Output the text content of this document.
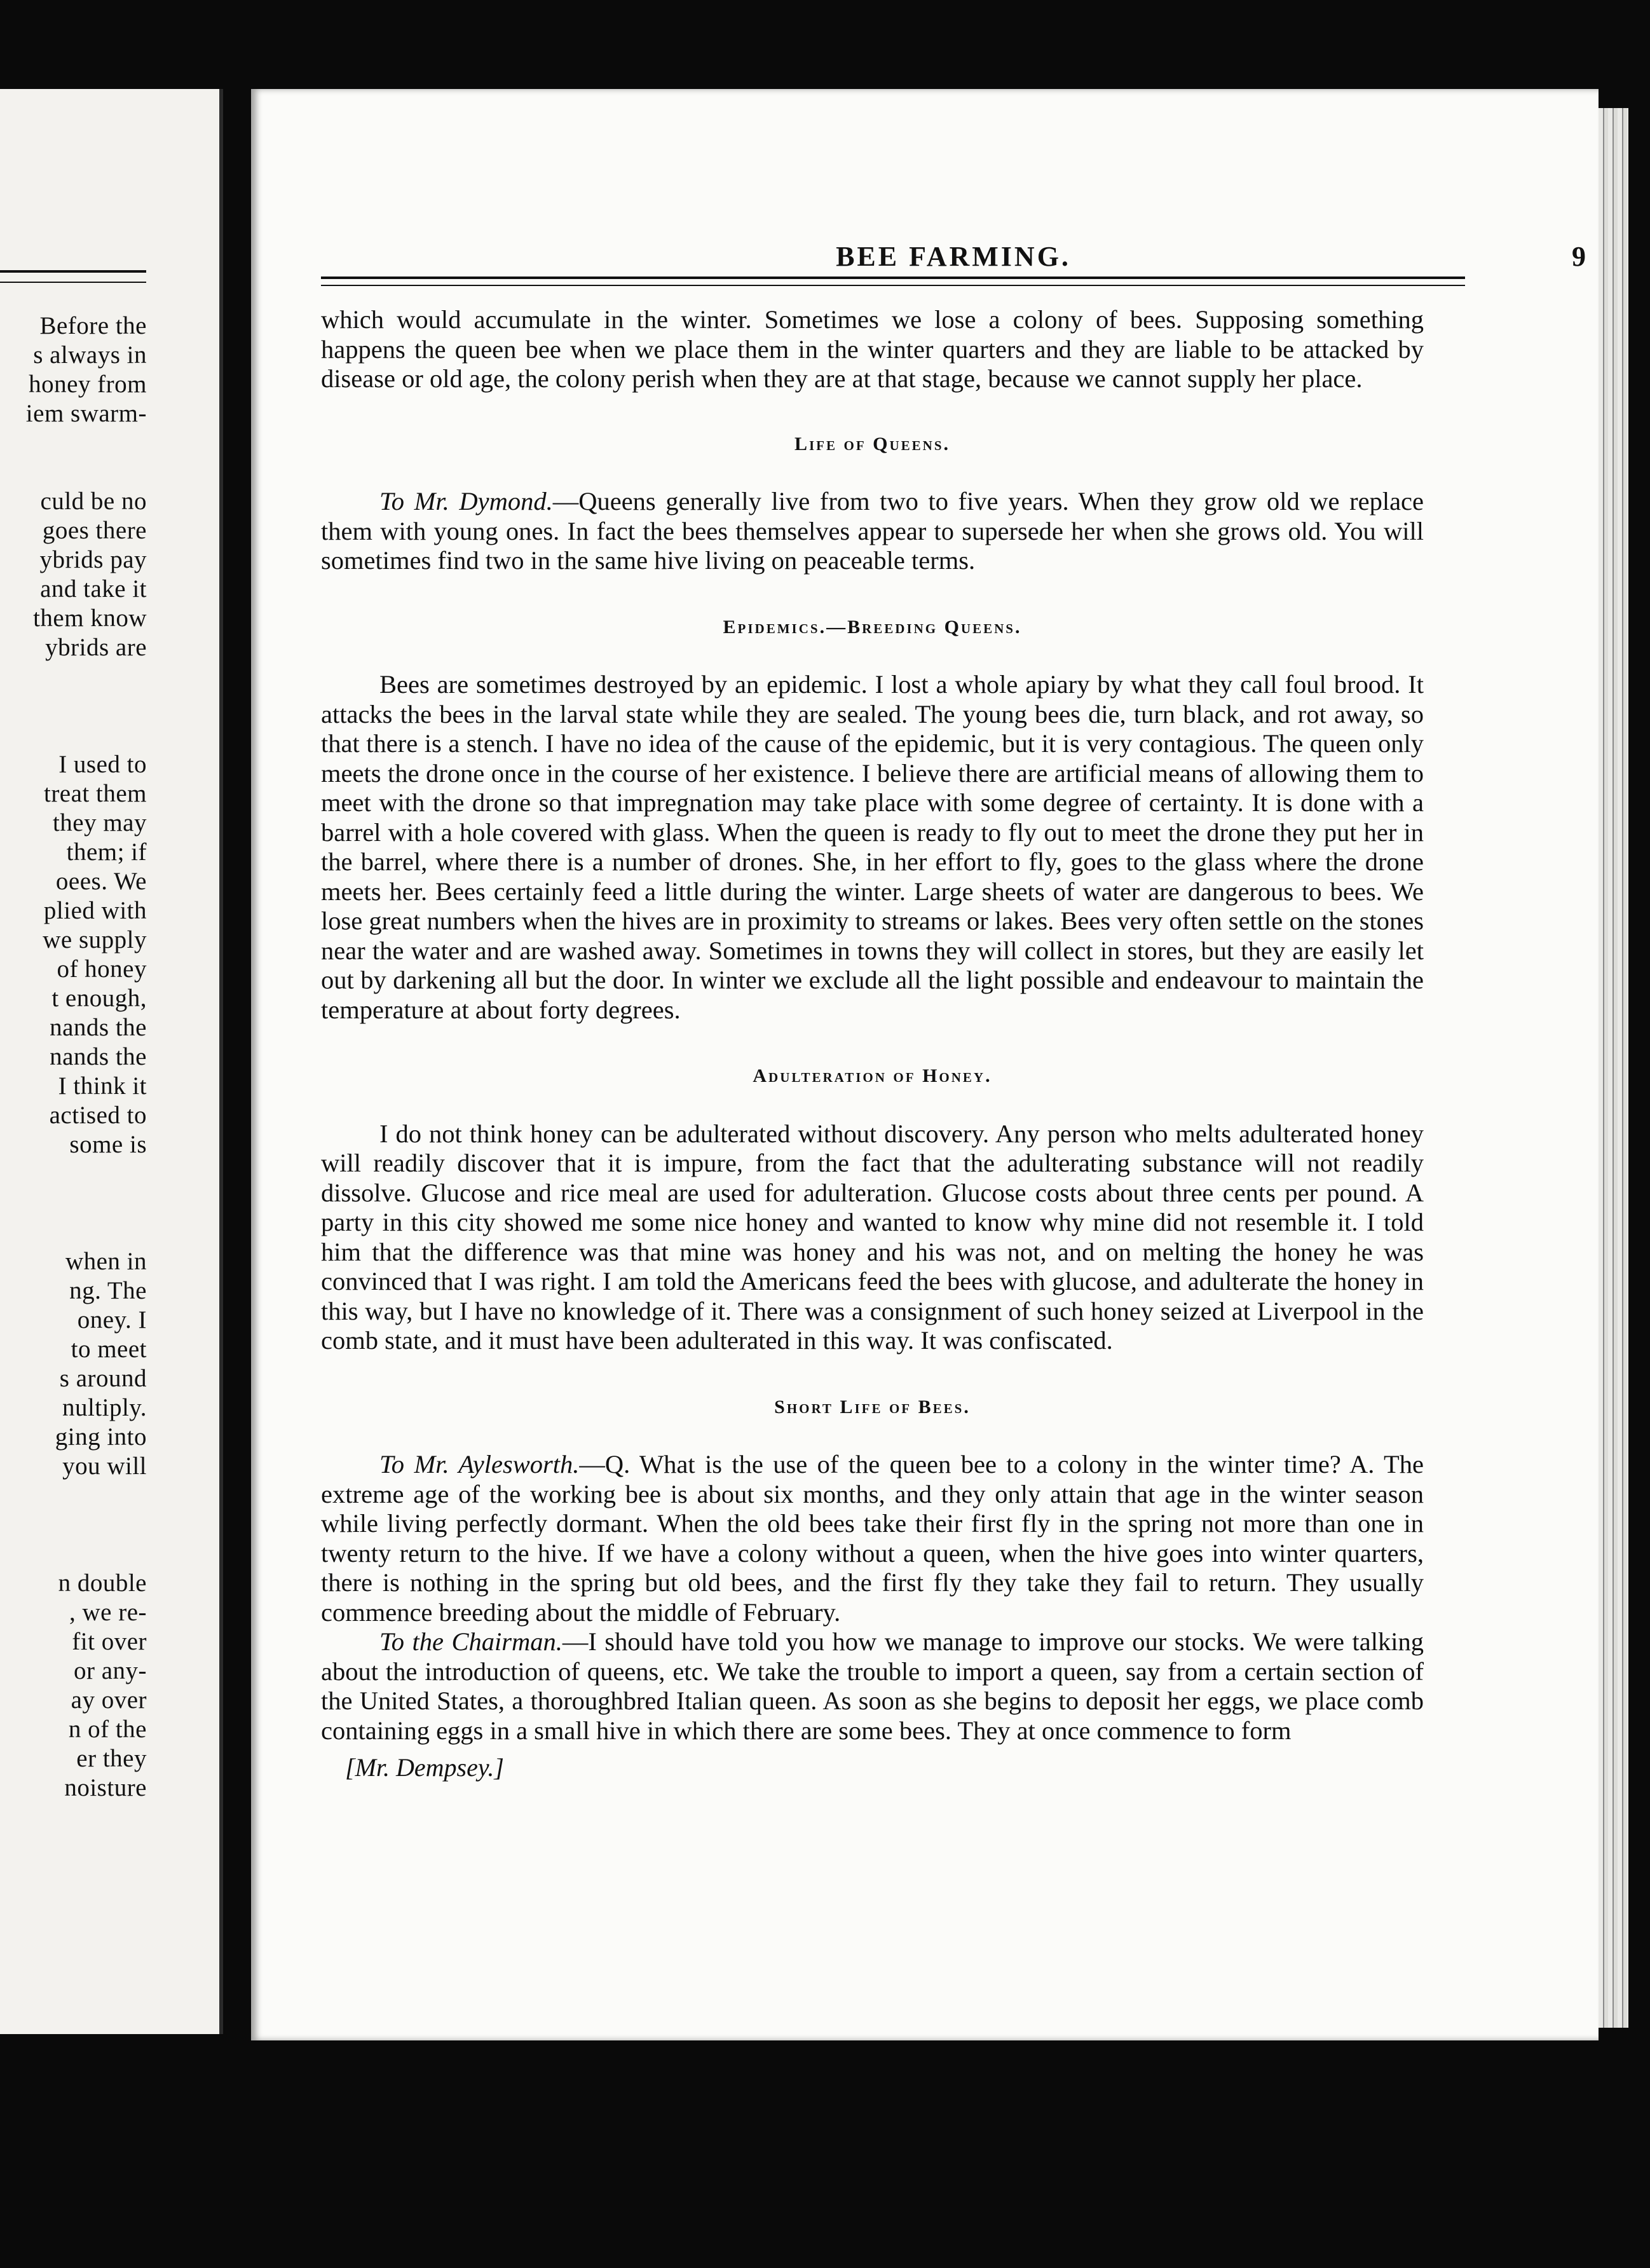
Before the
s always in
honey from
iem swarm-
culd be no
goes there
ybrids pay
and take it
them know
ybrids are
I used to
treat them
they may
them; if
oees. We
plied with
we supply
of honey
t enough,
nands the
nands the
I think it
actised to
some is
when in
ng. The
oney. I
to meet
s around
nultiply.
ging into
you will
n double
, we re-
fit over
or any-
ay over
n of the
er they
noisture
BEE FARMING.	9

which would accumulate in the winter. Sometimes we lose a colony of bees. Supposing something happens the queen bee when we place them in the winter quarters and they are liable to be attacked by disease or old age, the colony perish when they are at that stage, because we cannot supply her place.

Life of Queens.

To Mr. Dymond.—Queens generally live from two to five years. When they grow old we replace them with young ones. In fact the bees themselves appear to supersede her when she grows old. You will sometimes find two in the same hive living on peaceable terms.

Epidemics.—Breeding Queens.

Bees are sometimes destroyed by an epidemic. I lost a whole apiary by what they call foul brood. It attacks the bees in the larval state while they are sealed. The young bees die, turn black, and rot away, so that there is a stench. I have no idea of the cause of the epidemic, but it is very contagious. The queen only meets the drone once in the course of her existence. I believe there are artificial means of allowing them to meet with the drone so that impregnation may take place with some degree of certainty. It is done with a barrel with a hole covered with glass. When the queen is ready to fly out to meet the drone they put her in the barrel, where there is a number of drones. She, in her effort to fly, goes to the glass where the drone meets her. Bees certainly feed a little during the winter. Large sheets of water are dangerous to bees. We lose great numbers when the hives are in proximity to streams or lakes. Bees very often settle on the stones near the water and are washed away. Sometimes in towns they will collect in stores, but they are easily let out by darkening all but the door. In winter we exclude all the light possible and endeavour to maintain the temperature at about forty degrees.

Adulteration of Honey.

I do not think honey can be adulterated without discovery. Any person who melts adulterated honey will readily discover that it is impure, from the fact that the adulterating substance will not readily dissolve. Glucose and rice meal are used for adulteration. Glucose costs about three cents per pound. A party in this city showed me some nice honey and wanted to know why mine did not resemble it. I told him that the difference was that mine was honey and his was not, and on melting the honey he was convinced that I was right. I am told the Americans feed the bees with glucose, and adulterate the honey in this way, but I have no knowledge of it. There was a consignment of such honey seized at Liverpool in the comb state, and it must have been adulterated in this way. It was confiscated.

Short Life of Bees.

To Mr. Aylesworth.—Q. What is the use of the queen bee to a colony in the winter time? A. The extreme age of the working bee is about six months, and they only attain that age in the winter season while living perfectly dormant. When the old bees take their first fly in the spring not more than one in twenty return to the hive. If we have a colony without a queen, when the hive goes into winter quarters, there is nothing in the spring but old bees, and the first fly they take they fail to return. They usually commence breeding about the middle of February.

To the Chairman.—I should have told you how we manage to improve our stocks. We were talking about the introduction of queens, etc. We take the trouble to import a queen, say from a certain section of the United States, a thoroughbred Italian queen. As soon as she begins to deposit her eggs, we place comb containing eggs in a small hive in which there are some bees. They at once commence to form

[Mr. Dempsey.]
